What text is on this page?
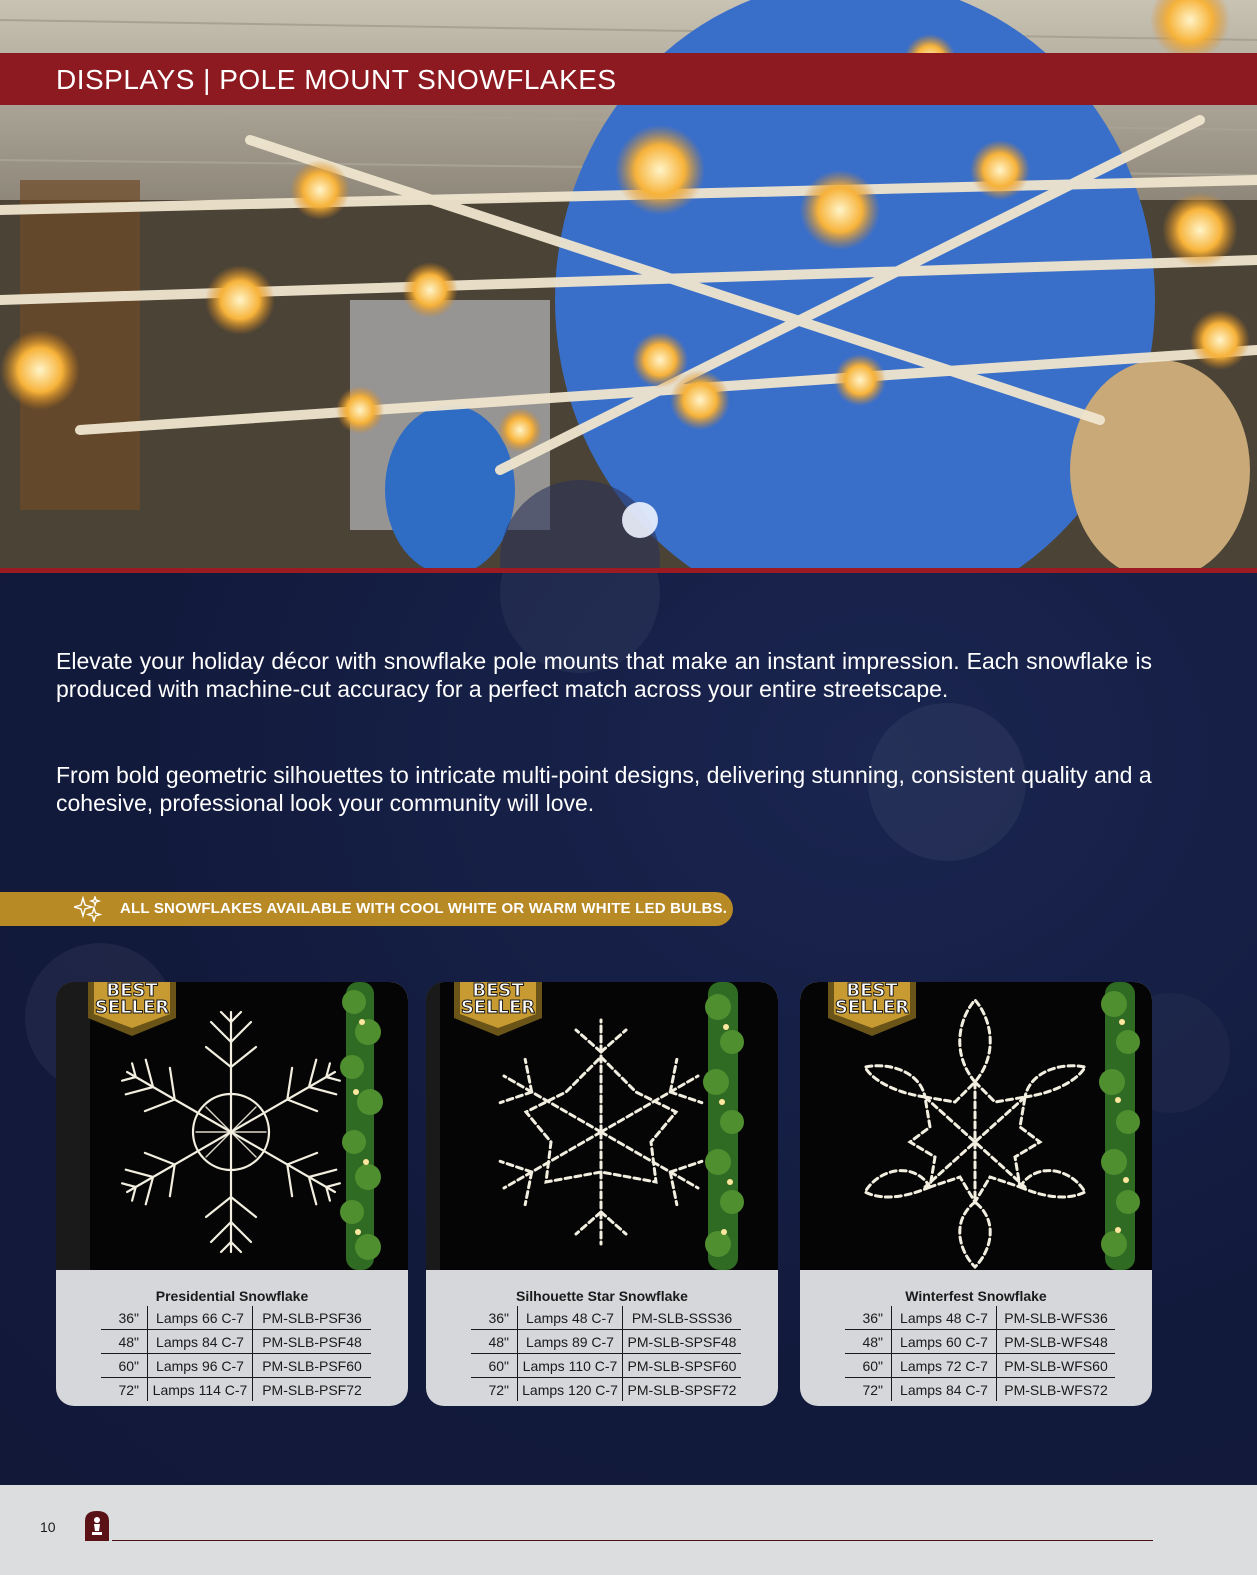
DISPLAYS | POLE MOUNT SNOWFLAKES

Elevate your holiday décor with snowflake pole mounts that make an instant impression. Each snowflake is produced with machine-cut accuracy for a perfect match across your entire streetscape.

From bold geometric silhouettes to intricate multi-point designs, delivering stunning, consistent quality and a cohesive, professional look your community will love.

ALL SNOWFLAKES AVAILABLE WITH COOL WHITE OR WARM WHITE LED BULBS.
BEST
SELLER
Presidential Snowflake
36"	Lamps 66 C-7	PM-SLB-PSF36
48"	Lamps 84 C-7	PM-SLB-PSF48
60"	Lamps 96 C-7	PM-SLB-PSF60
72"	Lamps 114 C-7	PM-SLB-PSF72
BEST
SELLER
Silhouette Star Snowflake
36"	Lamps 48 C-7	PM-SLB-SSS36
48"	Lamps 89 C-7	PM-SLB-SPSF48
60"	Lamps 110 C-7	PM-SLB-SPSF60
72"	Lamps 120 C-7	PM-SLB-SPSF72
BEST
SELLER
Winterfest Snowflake
36"	Lamps 48 C-7	PM-SLB-WFS36
48"	Lamps 60 C-7	PM-SLB-WFS48
60"	Lamps 72 C-7	PM-SLB-WFS60
72"	Lamps 84 C-7	PM-SLB-WFS72
10
